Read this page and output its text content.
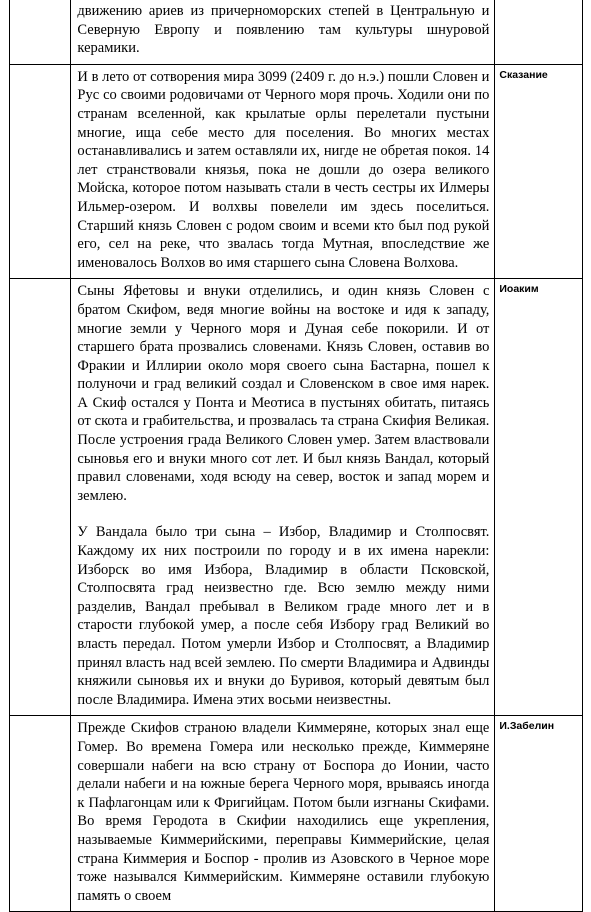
	движению ариев из причерноморских степей в Центральную и Северную Европу и появлению там культуры шнуровой керамики.	

	И в лето от сотворения мира 3099 (2409 г. до н.э.) пошли Словен и Рус со своими родовичами от Черного моря прочь. Ходили они по странам вселенной, как крылатые орлы перелетали пустыни многие, ища себе место для поселения. Во многих местах останавливались и затем оставляли их, нигде не обретая покоя. 14 лет странствовали князья, пока не дошли до озера великого Мойска, которое потом называть стали в честь сестры их Илмеры Ильмер-озером. И волхвы повелели им здесь поселиться. Старший князь Словен с родом своим и всеми кто был под рукой его, сел на реке, что звалась тогда Мутная, впоследствие же именовалось Волхов во имя старшего сына Словена Волхова.	Сказание

	Сыны Яфетовы и внуки отделились, и один князь Словен с братом Скифом, ведя многие войны на востоке и идя к западу, многие земли у Черного моря и Дуная себе покорили. И от старшего брата прозвались словенами. Князь Словен, оставив во Фракии и Иллирии около моря своего сына Бастарна, пошел к полуночи и град великий создал и Словенском в свое имя нарек. А Скиф остался у Понта и Меотиса в пустынях обитать, питаясь от скота и грабительства, и прозвалась та страна Скифия Великая. После устроения града Великого Словен умер. Затем властвовали сыновья его и внуки много сот лет. И был князь Вандал, который правил словенами, ходя всюду на север, восток и запад морем и землею.

У Вандала было три сына – Избор, Владимир и Столпосвят. Каждому их них построили по городу и в их имена нарекли: Изборск во имя Избора, Владимир в области Псковской, Столпосвята град неизвестно где. Всю землю между ними разделив, Вандал пребывал в Великом граде много лет и в старости глубокой умер, а после себя Избору град Великий во власть передал. Потом умерли Избор и Столпосвят, а Владимир принял власть над всей землею. По смерти Владимира и Адвинды княжили сыновья их и внуки до Буривоя, который девятым был после Владимира. Имена этих восьми неизвестны.	Иоаким

	Прежде Скифов страною владели Киммеряне, которых знал еще Гомер. Во времена Гомера или несколько прежде, Киммеряне совершали набеги на всю страну от Боспора до Ионии, часто делали набеги и на южные берега Черного моря, врываясь иногда к Пафлагонцам или к Фригийцам. Потом были изгнаны Скифами. Во время Геродота в Скифии находились еще укрепления, называемые Киммерийскими, переправы Киммерийские, целая страна Киммерия и Боспор - пролив из Азовского в Черное море тоже назывался Киммерийским. Киммеряне оставили глубокую память о своем	И.Забелин
